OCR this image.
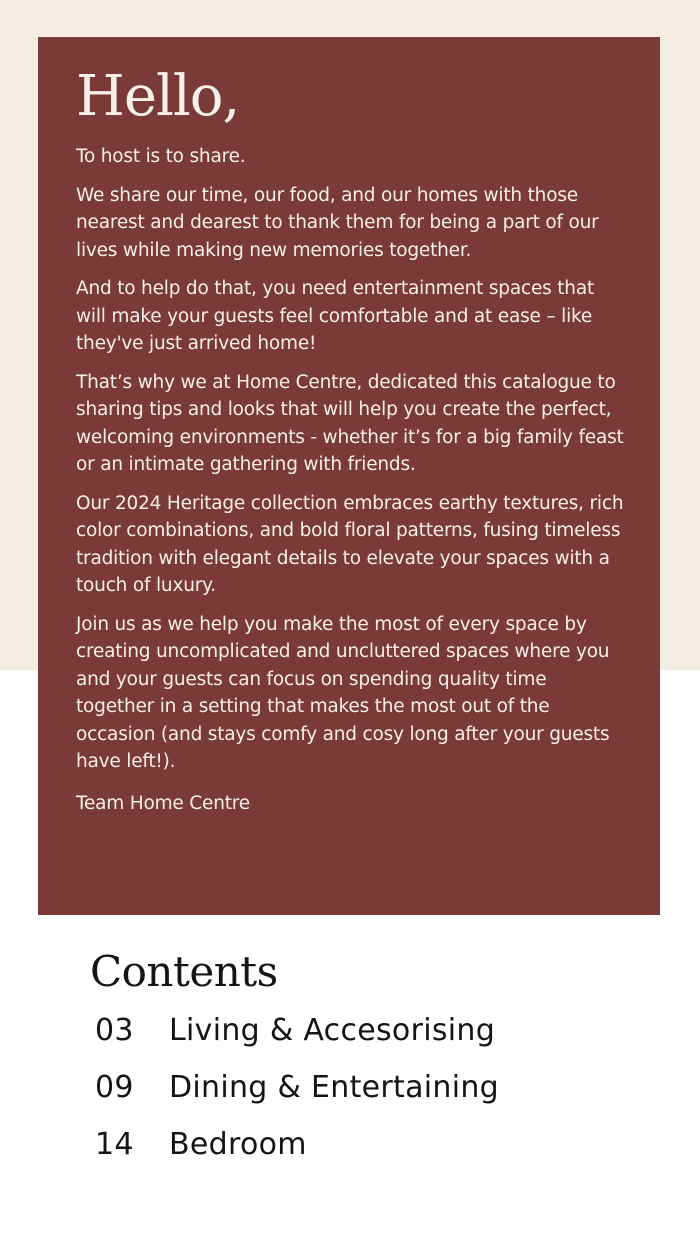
Hello,

To host is to share.

We share our time, our food, and our homes with those nearest and dearest to thank them for being a part of our lives while making new memories together.

And to help do that, you need entertainment spaces that will make your guests feel comfortable and at ease – like they've just arrived home!

That’s why we at Home Centre, dedicated this catalogue to sharing tips and looks that will help you create the perfect, welcoming environments - whether it’s for a big family feast or an intimate gathering with friends.

Our 2024 Heritage collection embraces earthy textures, rich color combinations, and bold floral patterns, fusing timeless tradition with elegant details to elevate your spaces with a touch of luxury.

Join us as we help you make the most of every space by creating uncomplicated and uncluttered spaces where you and your guests can focus on spending quality time together in a setting that makes the most out of the occasion (and stays comfy and cosy long after your guests have left!).

Team Home Centre

Contents
03	Living & Accesorising
09	Dining & Entertaining
14	Bedroom
